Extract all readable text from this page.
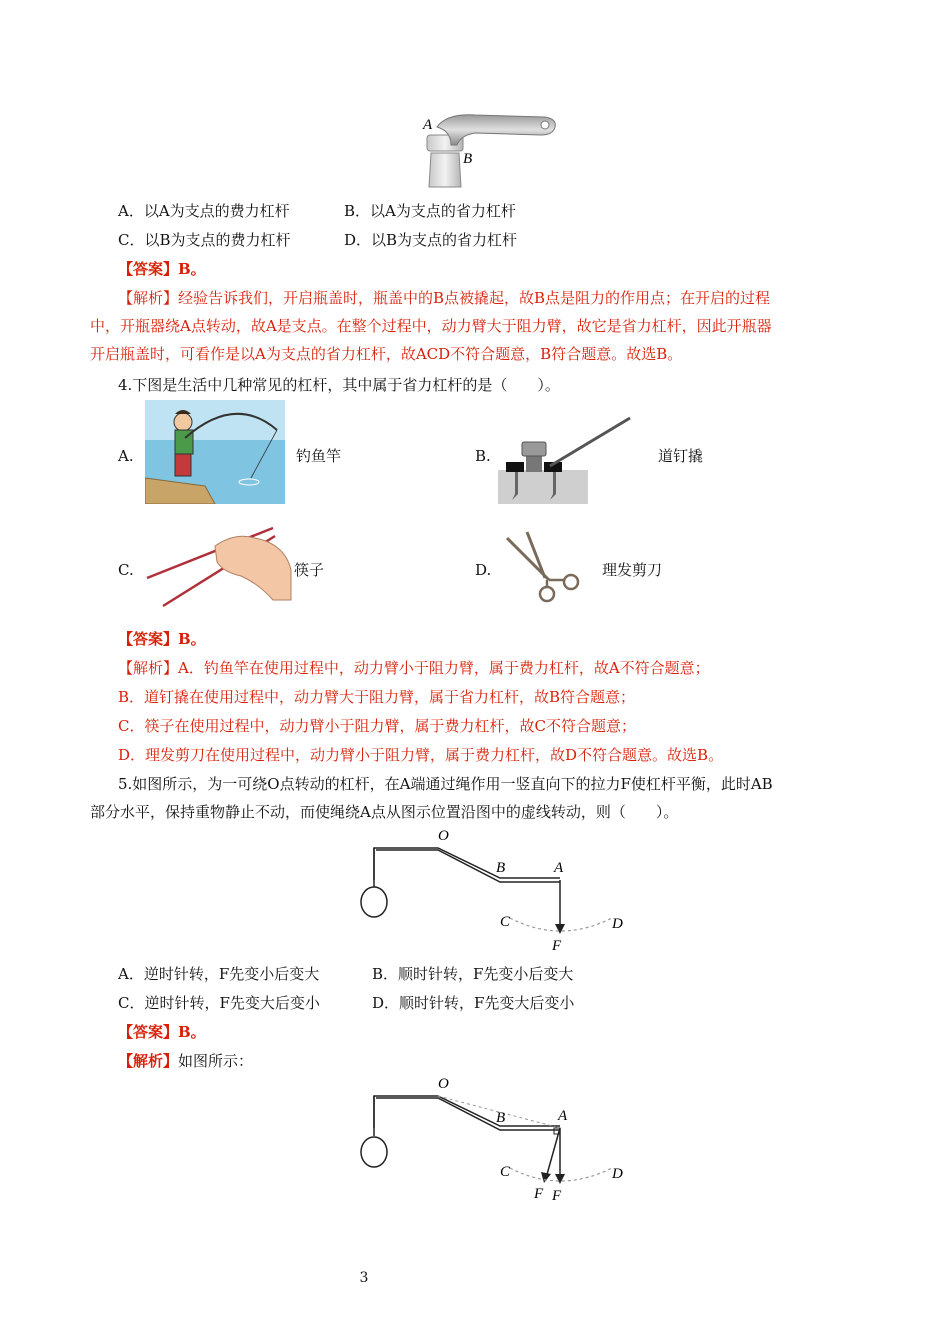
A
B
A．以A为支点的费力杠杆	B．以A为支点的省力杠杆
C．以B为支点的费力杠杆	D．以B为支点的省力杠杆
【答案】B。
【解析】经验告诉我们，开启瓶盖时，瓶盖中的B点被撬起，故B点是阻力的作用点；在开启的过程
中，开瓶器绕A点转动，故A是支点。在整个过程中，动力臂大于阻力臂，故它是省力杠杆，因此开瓶器
开启瓶盖时，可看作是以A为支点的省力杠杆，故ACD不符合题意，B符合题意。故选B。
4.下图是生活中几种常见的杠杆，其中属于省力杠杆的是（　　）。
A.	钓鱼竿	B.	道钉撬
C.	筷子	D.	理发剪刀
【答案】B。
【解析】A．钓鱼竿在使用过程中，动力臂小于阻力臂，属于费力杠杆，故A不符合题意；
B．道钉撬在使用过程中，动力臂大于阻力臂，属于省力杠杆，故B符合题意；
C．筷子在使用过程中，动力臂小于阻力臂，属于费力杠杆，故C不符合题意；
D．理发剪刀在使用过程中，动力臂小于阻力臂，属于费力杠杆，故D不符合题意。故选B。
5.如图所示，为一可绕O点转动的杠杆，在A端通过绳作用一竖直向下的拉力F使杠杆平衡，此时AB
部分水平，保持重物静止不动，而使绳绕A点从图示位置沿图中的虚线转动，则（　　）。
O
B	A
C	D
F
A．逆时针转，F先变小后变大	B．顺时针转，F先变小后变大
C．逆时针转，F先变大后变小	D．顺时针转，F先变大后变小
【答案】B。
【解析】如图所示：
O
B	A
C	D
F F
3
